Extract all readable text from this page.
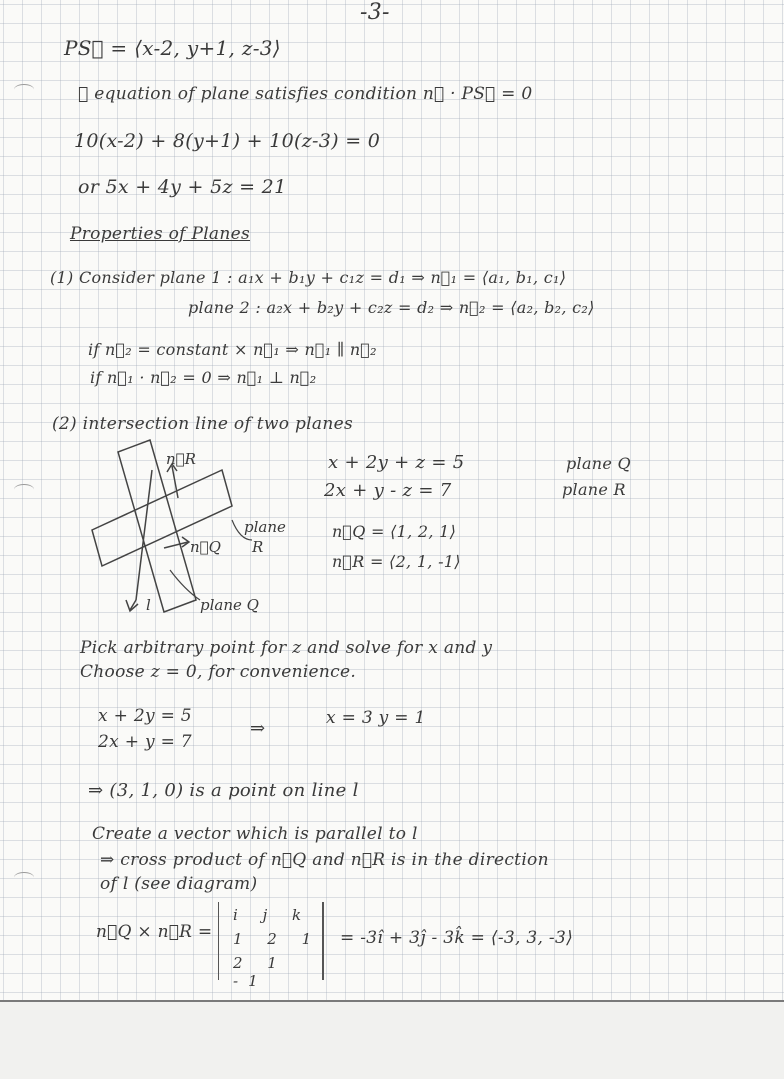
-3-
PS⃗ = ⟨x-2, y+1, z-3⟩
∴ equation of plane satisfies condition n⃗ · PS⃗ = 0
10(x-2) + 8(y+1) + 10(z-3) = 0
or 5x + 4y + 5z = 21
Properties of Planes
(1) Consider plane 1 : a₁x + b₁y + c₁z = d₁ ⇒ n⃗₁ = ⟨a₁, b₁, c₁⟩
plane 2 : a₂x + b₂y + c₂z = d₂ ⇒ n⃗₂ = ⟨a₂, b₂, c₂⟩
if n⃗₂ = constant × n⃗₁ ⇒ n⃗₁ ∥ n⃗₂
if n⃗₁ · n⃗₂ = 0 ⇒ n⃗₁ ⊥ n⃗₂
(2) intersection line of two planes
n⃗R
n⃗Q
plane
R
l	plane Q
x + 2y + z = 5
2x + y - z = 7
plane Q
plane R
n⃗Q = ⟨1, 2, 1⟩
n⃗R = ⟨2, 1, -1⟩
Pick arbitrary point for z and solve for x and y
Choose z = 0, for convenience.
x + 2y = 5
2x + y = 7
⇒	x = 3 y = 1
⇒ (3, 1, 0) is a point on line l
Create a vector which is parallel to l
⇒ cross product of n⃗Q and n⃗R is in the direction
of l (see diagram)
n⃗Q × n⃗R =
i j k
1 2 1
2 1 -1
= -3î + 3ĵ - 3k̂ = ⟨-3, 3, -3⟩
